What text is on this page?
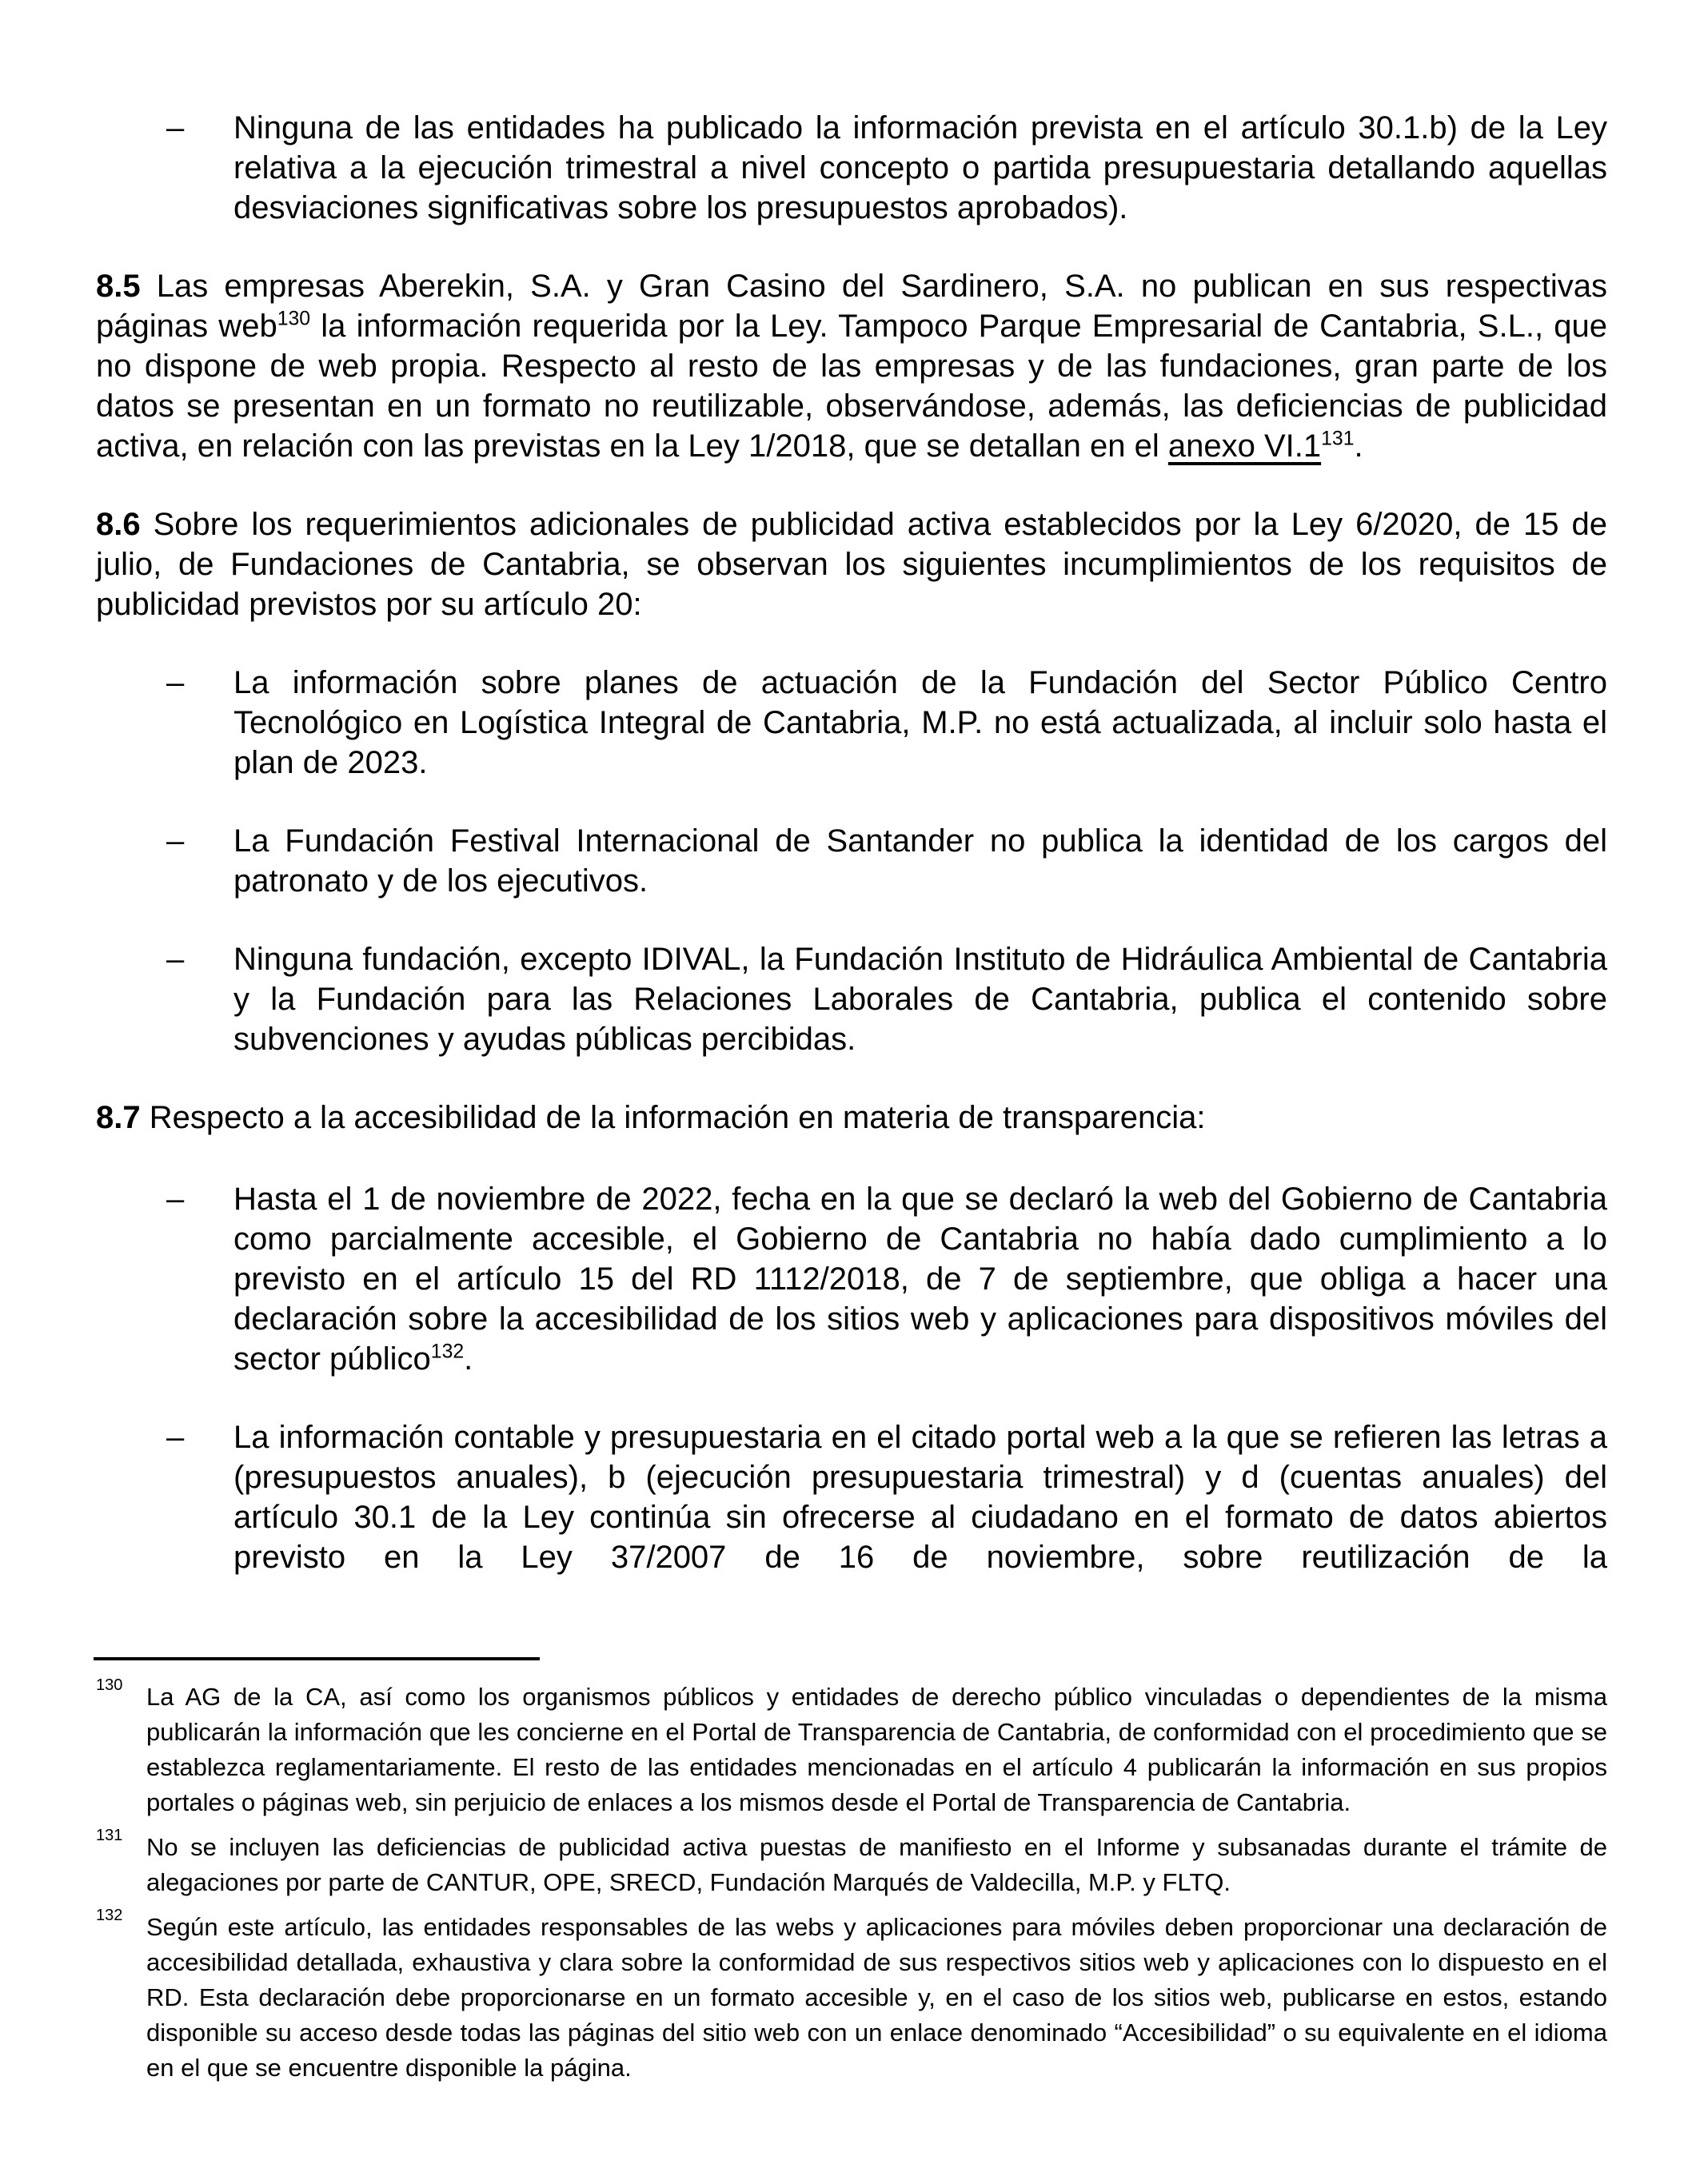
– Ninguna de las entidades ha publicado la información prevista en el artículo 30.1.b) de la Ley relativa a la ejecución trimestral a nivel concepto o partida presupuestaria detallando aquellas desviaciones significativas sobre los presupuestos aprobados).

8.5 Las empresas Aberekin, S.A. y Gran Casino del Sardinero, S.A. no publican en sus respectivas páginas web$^{130}$ la información requerida por la Ley. Tampoco Parque Empresarial de Cantabria, S.L., que no dispone de web propia. Respecto al resto de las empresas y de las fundaciones, gran parte de los datos se presentan en un formato no reutilizable, observándose, además, las deficiencias de publicidad activa, en relación con las previstas en la Ley 1/2018, que se detallan en el anexo $VI.1^{131}$.

8.6 Sobre los requerimientos adicionales de publicidad activa establecidos por la Ley 6/2020, de 15 de julio, de Fundaciones de Cantabria, se observan los siguientes incumplimientos de los requisitos de publicidad previstos por su artículo 20:

– La información sobre planes de actuación de la Fundación del Sector Público Centro Tecnológico en Logística Integral de Cantabria, M.P. no está actualizada, al incluir solo hasta el plan de 2023.
– La Fundación Festival Internacional de Santander no publica la identidad de los cargos del patronato y de los ejecutivos.
– Ninguna fundación, excepto IDIVAL, la Fundación Instituto de Hidráulica Ambiental de Cantabria y la Fundación para las Relaciones Laborales de Cantabria, publica el contenido sobre subvenciones y ayudas públicas percibidas.

8.7 Respecto a la accesibilidad de la información en materia de transparencia:

– Hasta el 1 de noviembre de 2022, fecha en la que se declaró la web del Gobierno de Cantabria como parcialmente accesible, el Gobierno de Cantabria no había dado cumplimiento a lo previsto en el artículo 15 del RD 1112/2018, de 7 de septiembre, que obliga a hacer una declaración sobre la accesibilidad de los sitios web y aplicaciones para dispositivos móviles del sector público$^{132}$.
– La información contable y presupuestaria en el citado portal web a la que se refieren las letras a (presupuestos anuales), b (ejecución presupuestaria trimestral) y d (cuentas anuales) del artículo 30.1 de la Ley continúa sin ofrecerse al ciudadano en el formato de datos abiertos previsto en la Ley 37/2007 de 16 de noviembre, sobre reutilización de la
130 La AG de la CA, así como los organismos públicos y entidades de derecho público vinculadas o dependientes de la misma publicarán la información que les concierne en el Portal de Transparencia de Cantabria, de conformidad con el procedimiento que se establezca reglamentariamente. El resto de las entidades mencionadas en el artículo 4 publicarán la información en sus propios portales o páginas web, sin perjuicio de enlaces a los mismos desde el Portal de Transparencia de Cantabria.
131 No se incluyen las deficiencias de publicidad activa puestas de manifiesto en el Informe y subsanadas durante el trámite de alegaciones por parte de CANTUR, OPE, SRECD, Fundación Marqués de Valdecilla, M.P. y FLTQ.
132 Según este artículo, las entidades responsables de las webs y aplicaciones para móviles deben proporcionar una declaración de accesibilidad detallada, exhaustiva y clara sobre la conformidad de sus respectivos sitios web y aplicaciones con lo dispuesto en el RD. Esta declaración debe proporcionarse en un formato accesible y, en el caso de los sitios web, publicarse en estos, estando disponible su acceso desde todas las páginas del sitio web con un enlace denominado “Accesibilidad” o su equivalente en el idioma en el que se encuentre disponible la página.
